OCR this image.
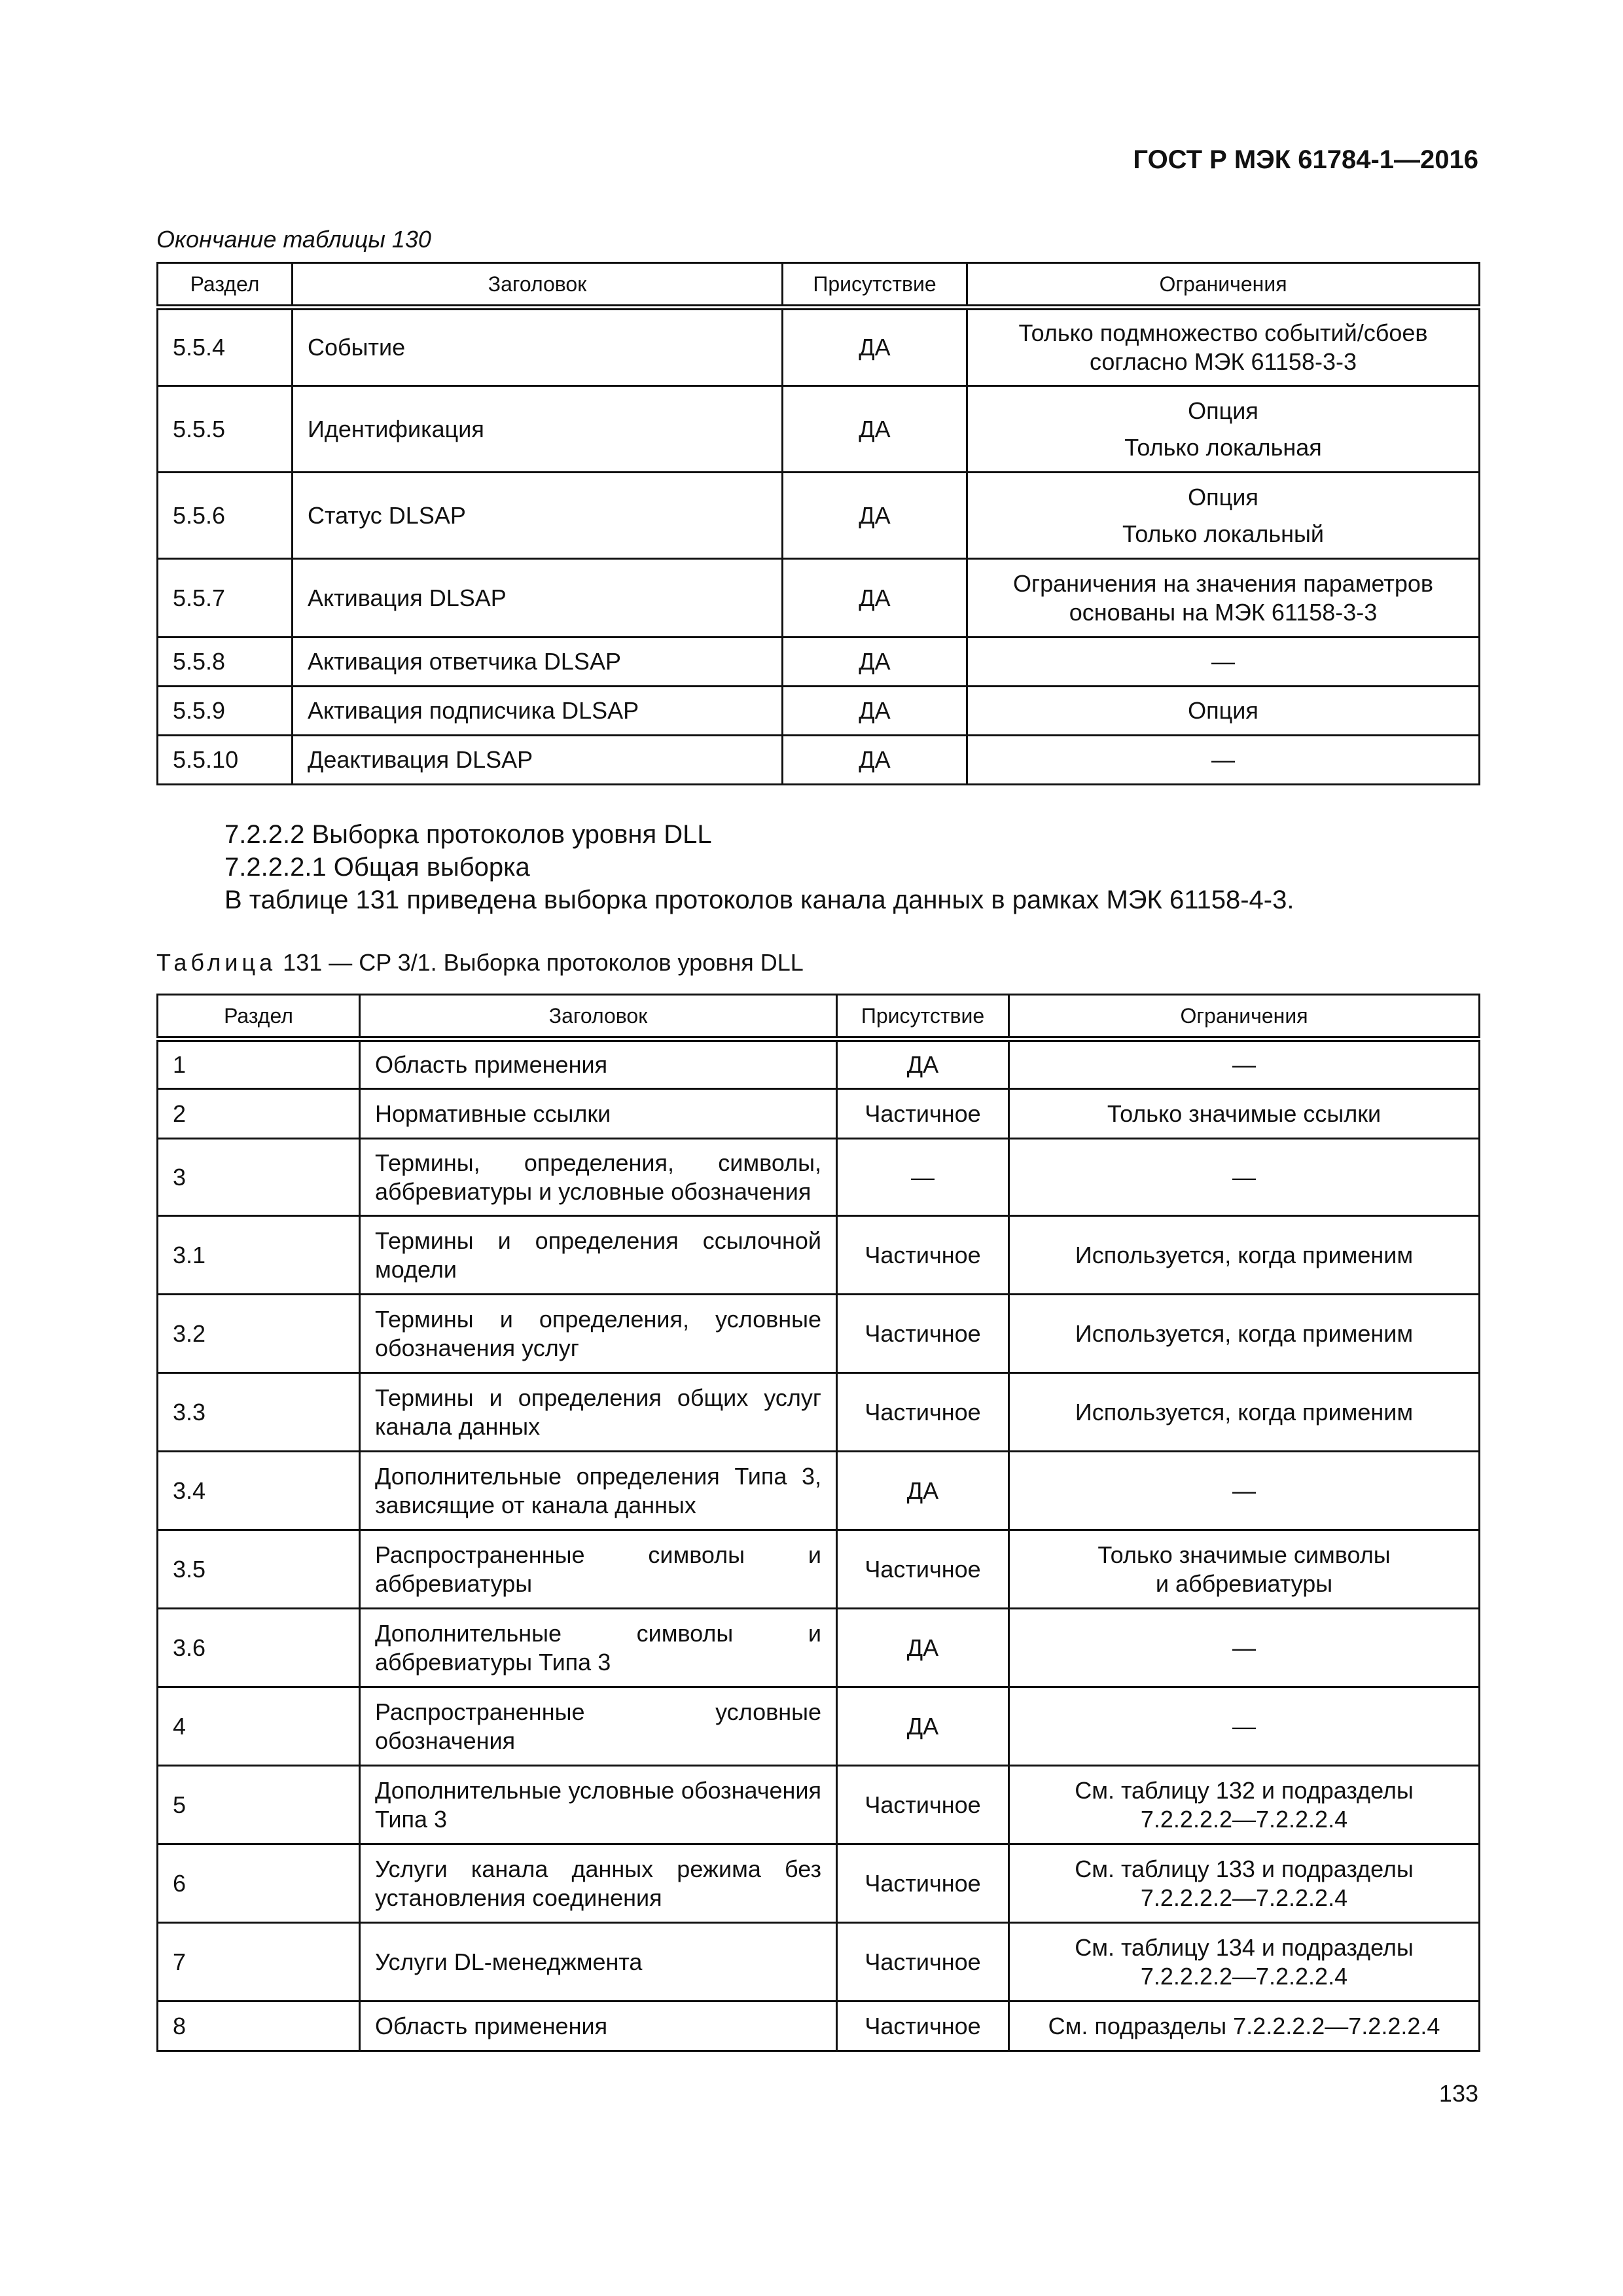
ГОСТ Р МЭК 61784-1—2016
Окончание таблицы 130
Раздел	Заголовок	Присутствие	Ограничения
5.5.4	Событие	ДА	Только подмножество событий/сбоев
согласно МЭК 61158-3-3

5.5.5	Идентификация	ДА	Опция
Только локальная

5.5.6	Статус DLSAP	ДА	Опция
Только локальный

5.5.7	Активация DLSAP	ДА	Ограничения на значения параметров
основаны на МЭК 61158-3-3

5.5.8	Активация ответчика DLSAP	ДА	—
5.5.9	Активация подписчика DLSAP	ДА	Опция
5.5.10	Деактивация DLSAP	ДА	—

7.2.2.2 Выборка протоколов уровня DLL

7.2.2.2.1 Общая выборка

В таблице 131 приведена выборка протоколов канала данных в рамках МЭК 61158-4-3.

Таблица 131 — CP 3/1. Выборка протоколов уровня DLL
Раздел	Заголовок	Присутствие	Ограничения
1	Область применения	ДА	—
2	Нормативные ссылки	Частичное	Только значимые ссылки
3	Термины, определения, символы, аббревиатуры и условные обозначения	—	—
3.1	Термины и определения ссылочной модели	Частичное	Используется, когда применим
3.2	Термины и определения, условные обозначения услуг	Частичное	Используется, когда применим
3.3	Термины и определения общих услуг канала данных	Частичное	Используется, когда применим
3.4	Дополнительные определения Типа 3, зависящие от канала данных	ДА	—
3.5	Распространенные символы и аббревиатуры	Частичное	Только значимые символы
и аббревиатуры

3.6	Дополнительные символы и аббревиатуры Типа 3	ДА	—
4	Распространенные условные обозначения	ДА	—
5	Дополнительные условные обозначения Типа 3	Частичное	См. таблицу 132 и подразделы
7.2.2.2.2—7.2.2.2.4

6	Услуги канала данных режима без установления соединения	Частичное	См. таблицу 133 и подразделы
7.2.2.2.2—7.2.2.2.4

7	Услуги DL-менеджмента	Частичное	См. таблицу 134 и подразделы
7.2.2.2.2—7.2.2.2.4

8	Область применения	Частичное	См. подразделы 7.2.2.2.2—7.2.2.2.4
133
